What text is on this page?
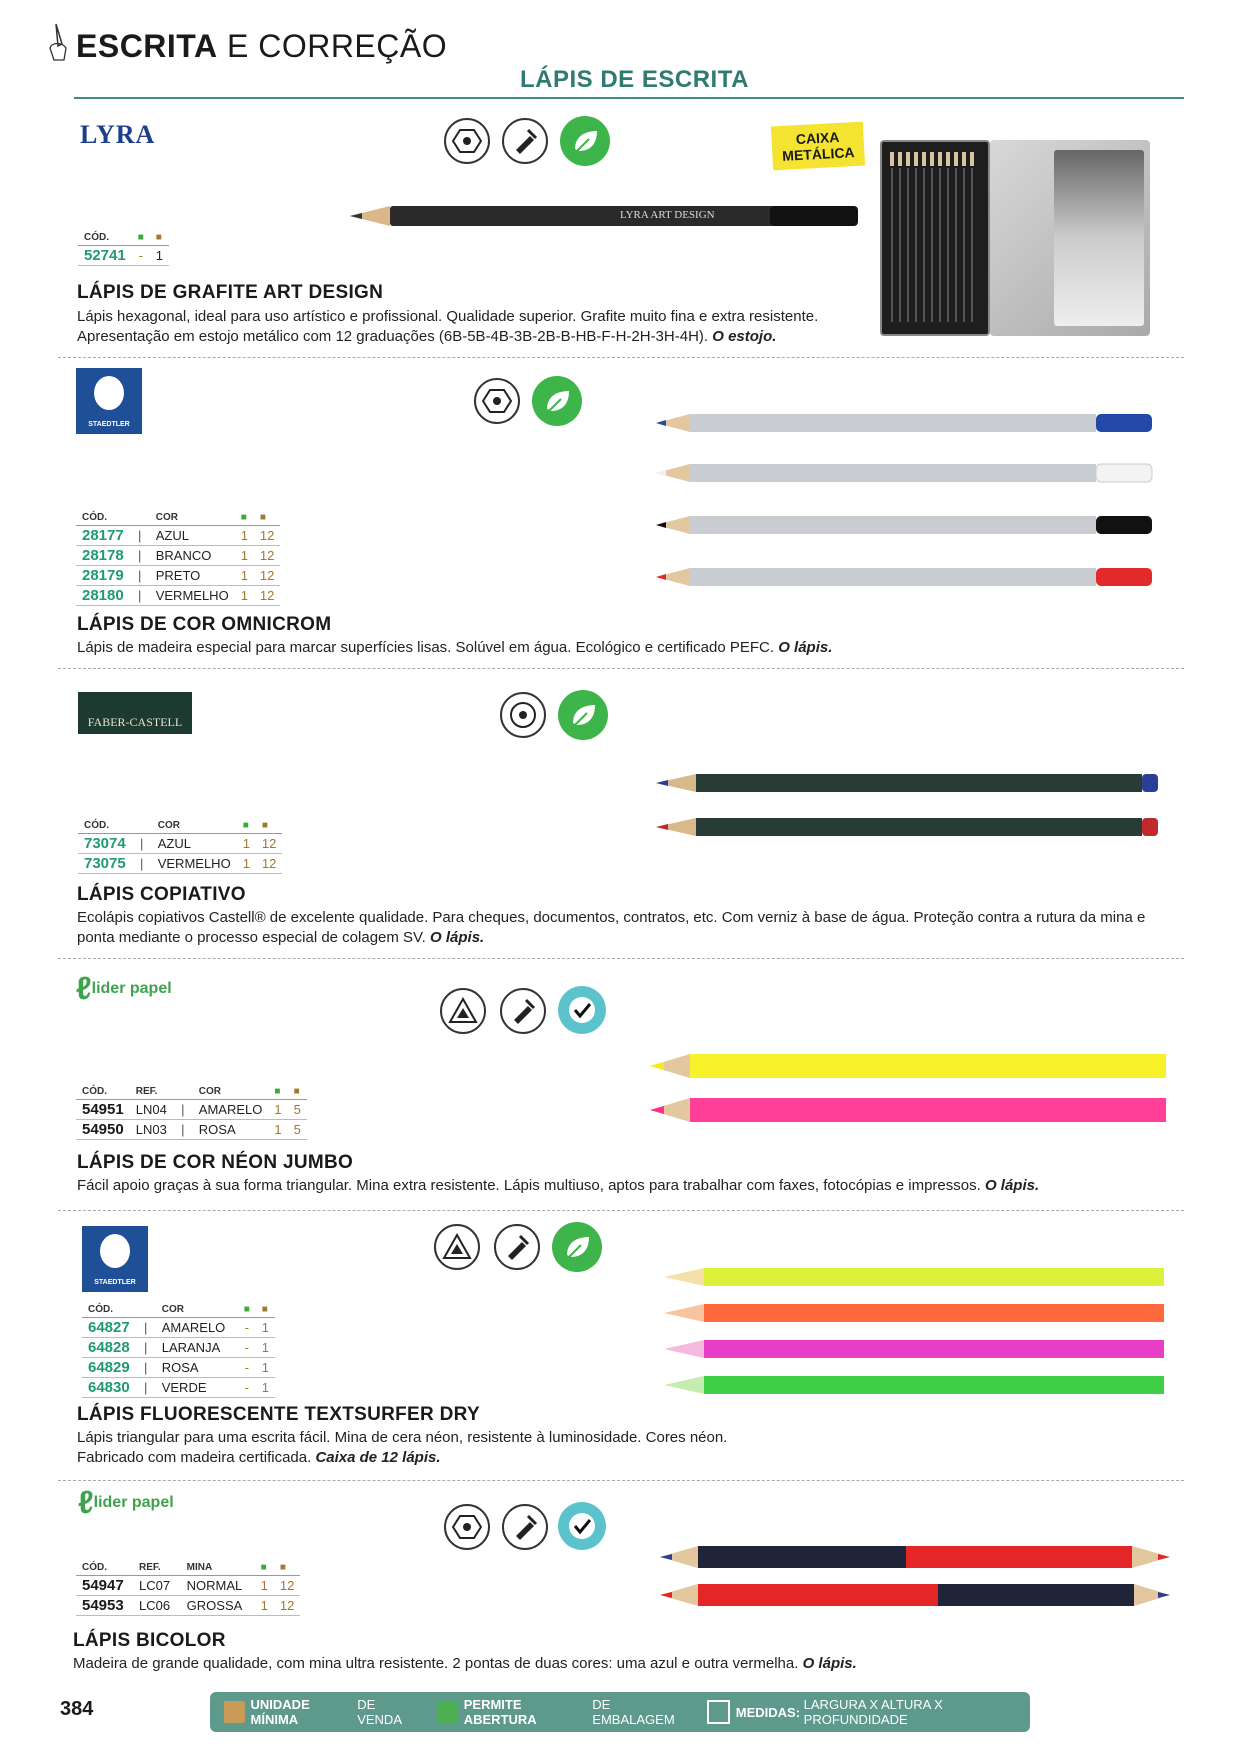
ESCRITA E CORREÇÃO
LÁPIS DE ESCRITA
LYRA
LYRA ART DESIGN
CAIXA
METÁLICA
CÓD.	■	■
52741	-	1
LÁPIS DE GRAFITE ART DESIGN
Lápis hexagonal, ideal para uso artístico e profissional. Qualidade superior. Grafite muito fina e extra resistente.
Apresentação em estojo metálico com 12 graduações (6B-5B-4B-3B-2B-B-HB-F-H-2H-3H-4H). O estojo.
STAEDTLER
CÓD.		COR	■	■
28177	|	AZUL	1	12
28178	|	BRANCO	1	12
28179	|	PRETO	1	12
28180	|	VERMELHO	1	12
LÁPIS DE COR OMNICROM
Lápis de madeira especial para marcar superfícies lisas. Solúvel em água. Ecológico e certificado PEFC. O lápis.
FABER-CASTELL
CÓD.		COR	■	■
73074	|	AZUL	1	12
73075	|	VERMELHO	1	12
LÁPIS COPIATIVO
Ecolápis copiativos Castell® de excelente qualidade. Para cheques, documentos, contratos, etc. Com verniz à base de água. Proteção contra a rutura da mina e ponta mediante o processo especial de colagem SV. O lápis.
ℓlider papel
CÓD.	REF.		COR	■	■
54951	LN04	|	AMARELO	1	5
54950	LN03	|	ROSA	1	5
LÁPIS DE COR NÉON JUMBO
Fácil apoio graças à sua forma triangular. Mina extra resistente. Lápis multiuso, aptos para trabalhar com faxes, fotocópias e impressos. O lápis.
STAEDTLER
CÓD.		COR	■	■
64827	|	AMARELO	-	1
64828	|	LARANJA	-	1
64829	|	ROSA	-	1
64830	|	VERDE	-	1
LÁPIS FLUORESCENTE TEXTSURFER DRY
Lápis triangular para uma escrita fácil. Mina de cera néon, resistente à luminosidade. Cores néon.
Fabricado com madeira certificada. Caixa de 12 lápis.
ℓlider papel
CÓD.	REF.	MINA	■	■
54947	LC07	NORMAL	1	12
54953	LC06	GROSSA	1	12
LÁPIS BICOLOR
Madeira de grande qualidade, com mina ultra resistente. 2 pontas de duas cores: uma azul e outra vermelha. O lápis.
384	UNIDADE MÍNIMA

DE VENDA
PERMITE ABERTURA

DE EMBALAGEM	MEDIDAS:
LARGURA X ALTURA X PROFUNDIDADE
